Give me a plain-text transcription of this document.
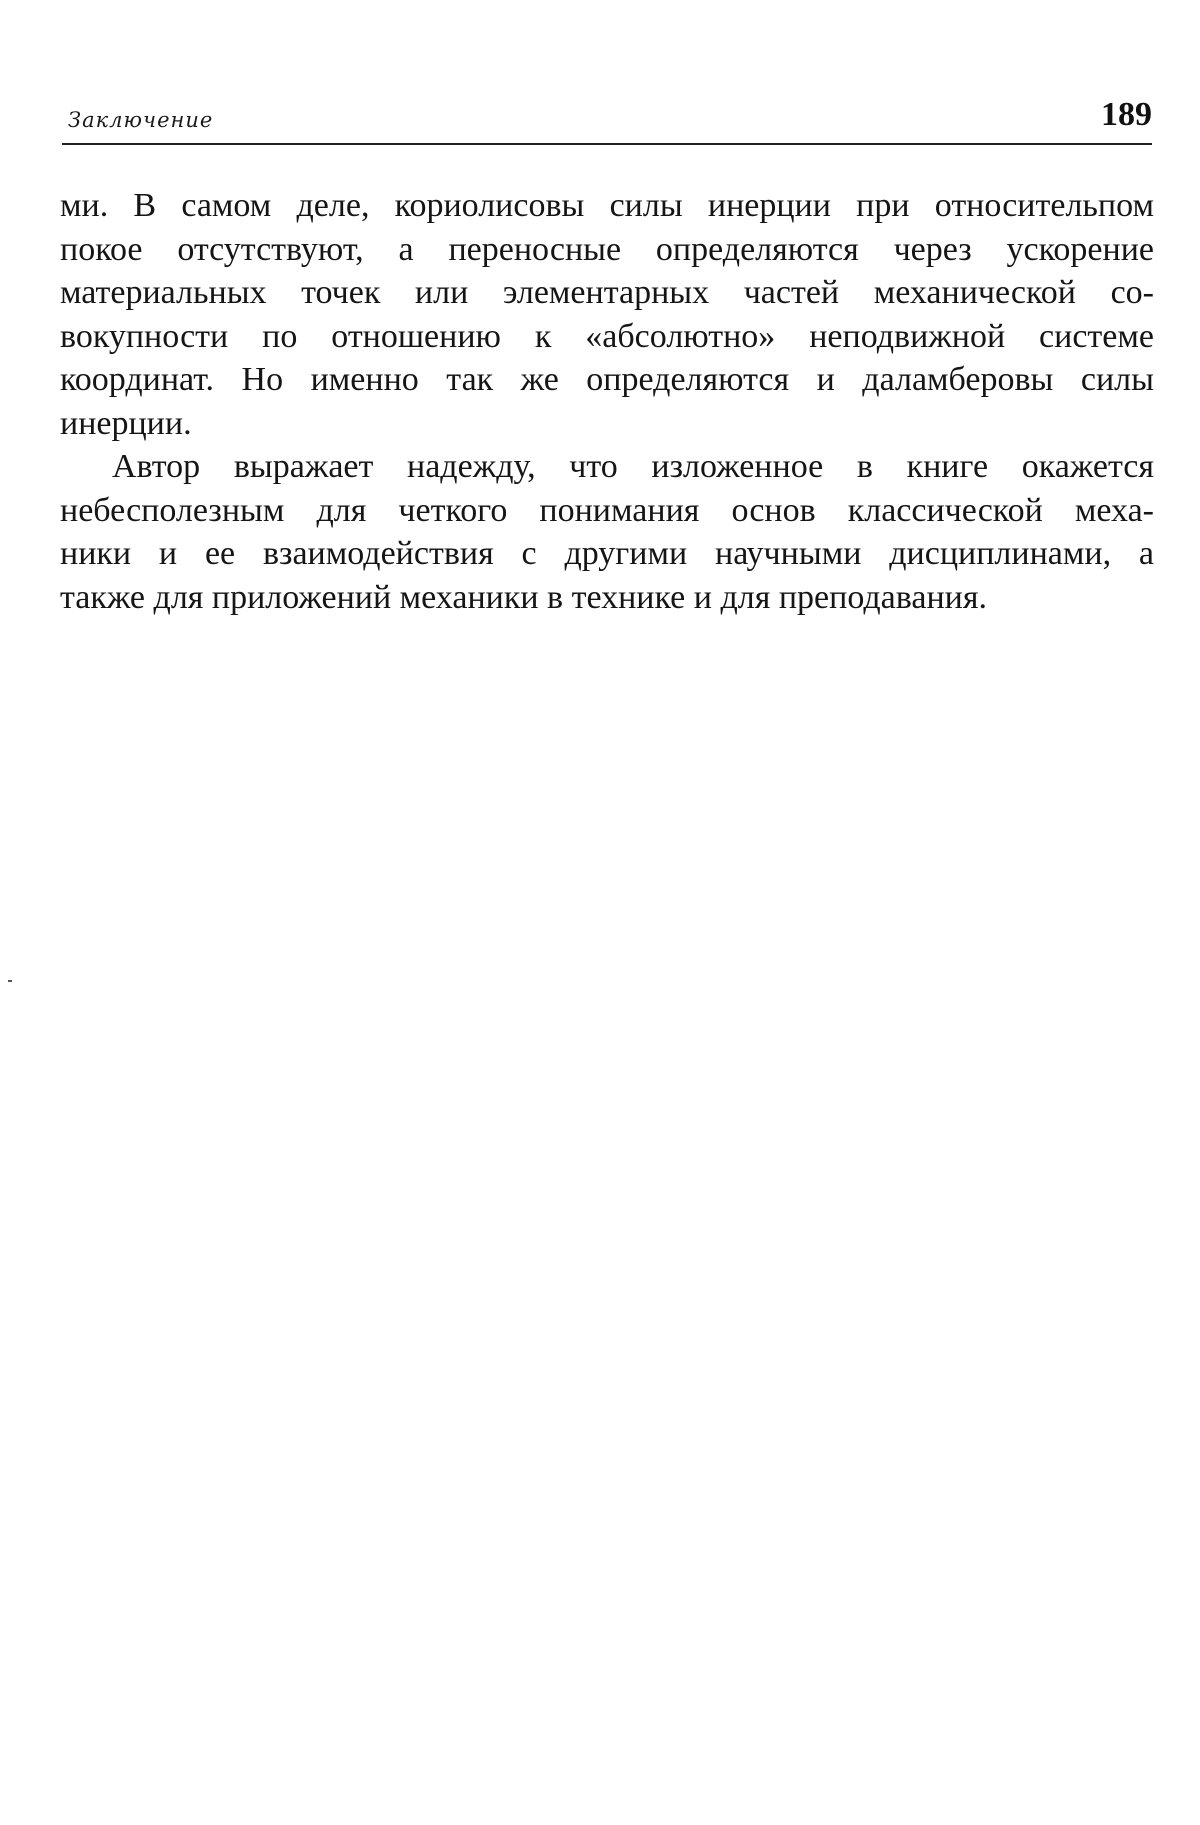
Заключение	189
ми. В самом деле, кориолисовы силы инерции при относительпом
покое отсутствуют, а переносные определяются через ускорение
материальных точек или элементарных частей механической со-
вокупности по отношению к «абсолютно» неподвижной системе
координат. Но именно так же определяются и даламберовы силы
инерции.
Автор выражает надежду, что изложенное в книге окажется
небесполезным для четкого понимания основ классической меха-
ники и ее взаимодействия с другими научными дисциплинами, а
также для приложений механики в технике и для преподавания.
